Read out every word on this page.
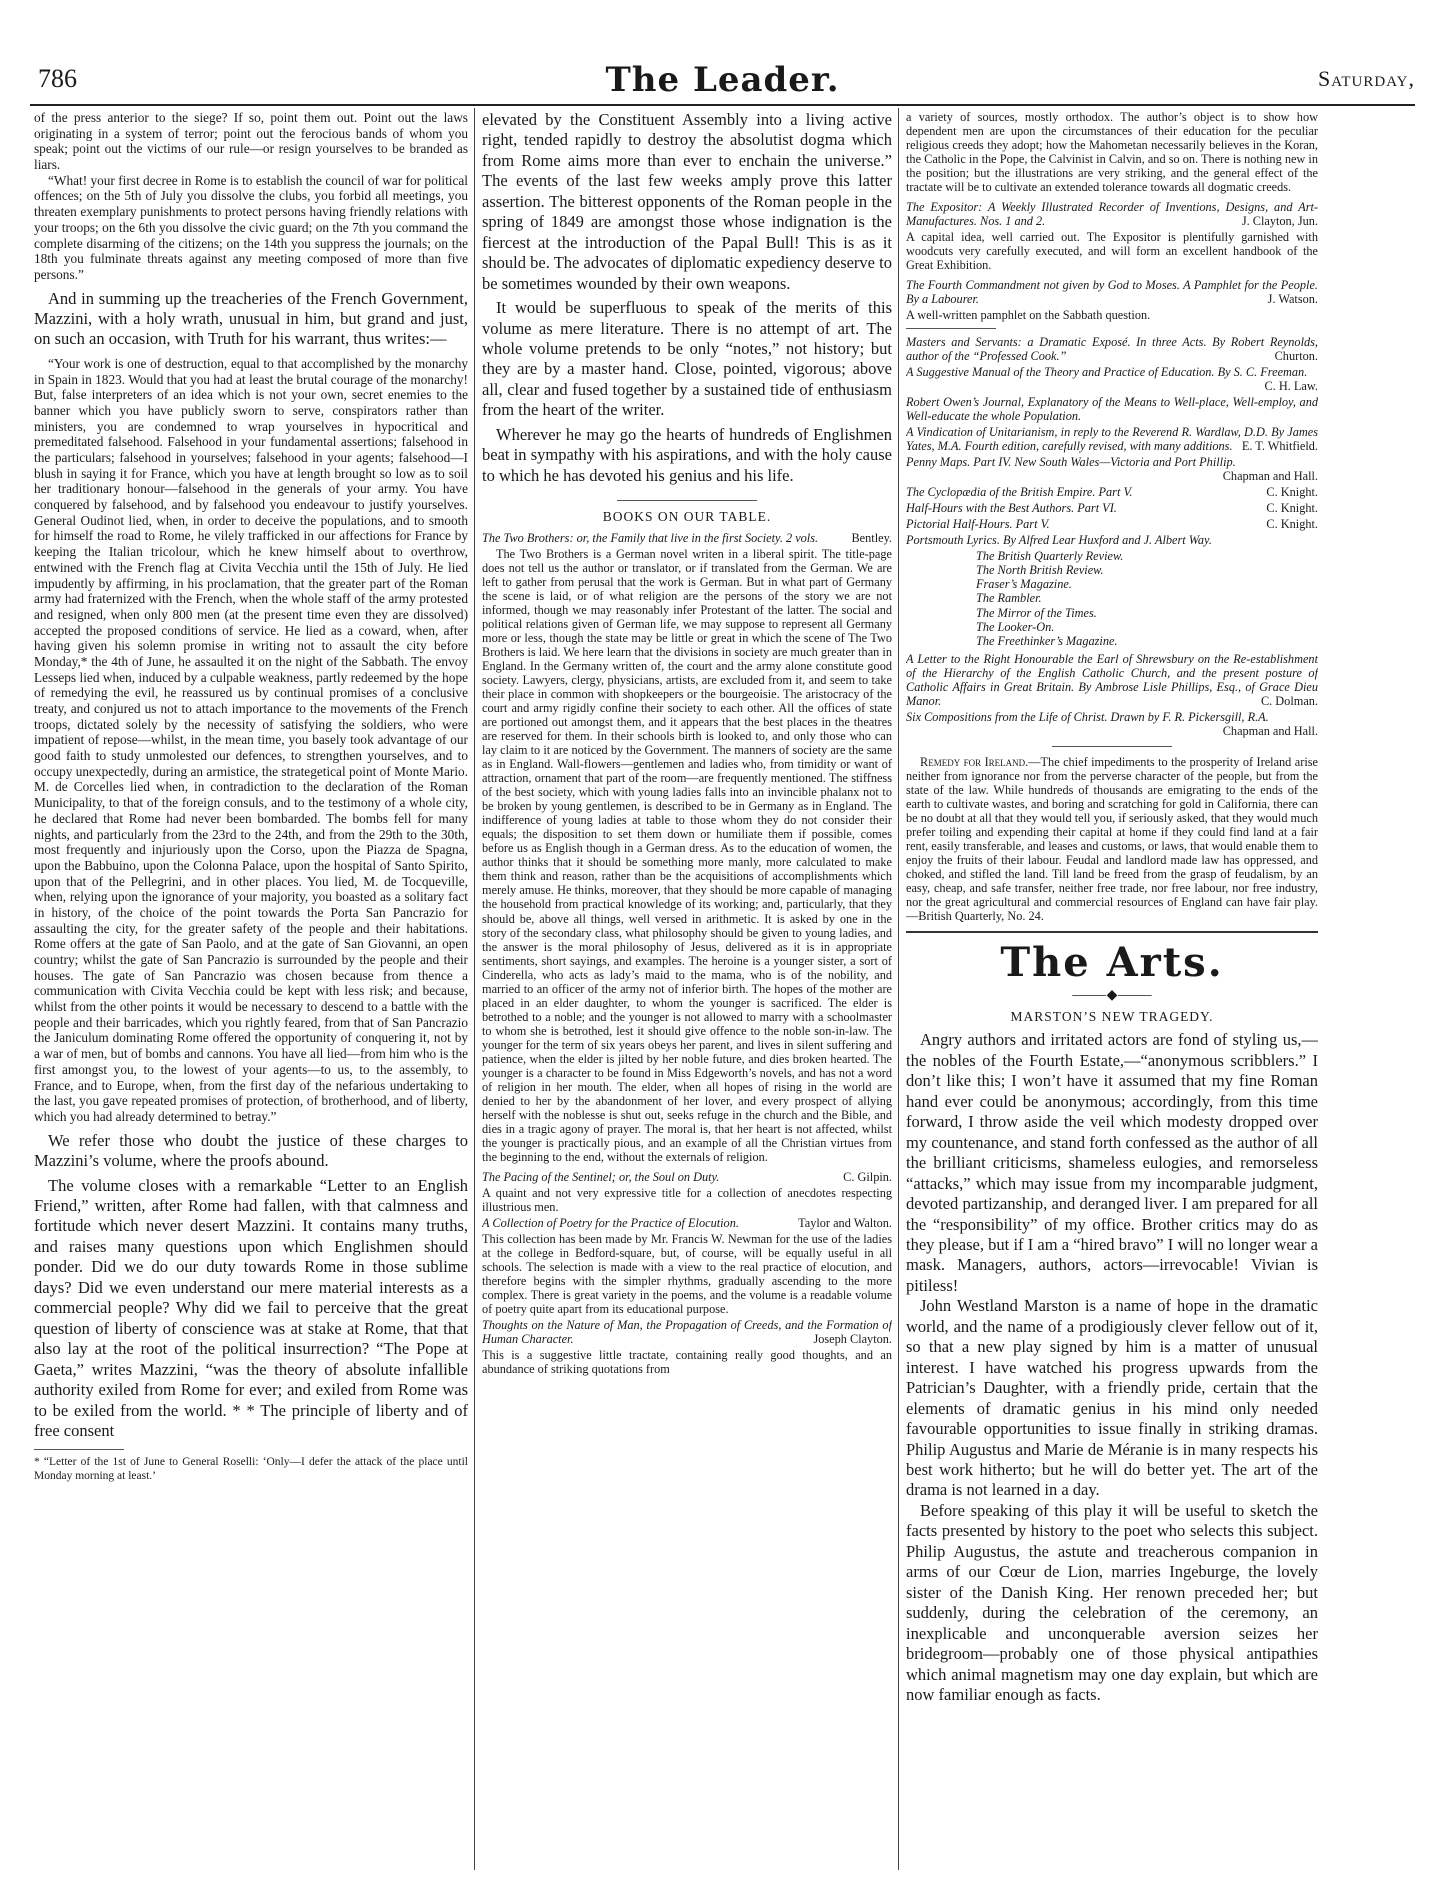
786	The Leader.	Saturday,

of the press anterior to the siege? If so, point them out. Point out the laws originating in a system of terror; point out the ferocious bands of whom you speak; point out the victims of our rule—or resign yourselves to be branded as liars.

“What! your first decree in Rome is to establish the council of war for political offences; on the 5th of July you dissolve the clubs, you forbid all meetings, you threaten exemplary punishments to protect persons having friendly relations with your troops; on the 6th you dissolve the civic guard; on the 7th you command the complete disarming of the citizens; on the 14th you suppress the journals; on the 18th you fulminate threats against any meeting composed of more than five persons.”

And in summing up the treacheries of the French Government, Mazzini, with a holy wrath, unusual in him, but grand and just, on such an occasion, with Truth for his warrant, thus writes:—

“Your work is one of destruction, equal to that accomplished by the monarchy in Spain in 1823. Would that you had at least the brutal courage of the monarchy! But, false interpreters of an idea which is not your own, secret enemies to the banner which you have publicly sworn to serve, conspirators rather than ministers, you are condemned to wrap yourselves in hypocritical and premeditated falsehood. Falsehood in your fundamental assertions; falsehood in the particulars; falsehood in yourselves; falsehood in your agents; falsehood—I blush in saying it for France, which you have at length brought so low as to soil her traditionary honour—falsehood in the generals of your army. You have conquered by falsehood, and by falsehood you endeavour to justify yourselves. General Oudinot lied, when, in order to deceive the populations, and to smooth for himself the road to Rome, he vilely trafficked in our affections for France by keeping the Italian tricolour, which he knew himself about to overthrow, entwined with the French flag at Civita Vecchia until the 15th of July. He lied impudently by affirming, in his proclamation, that the greater part of the Roman army had fraternized with the French, when the whole staff of the army protested and resigned, when only 800 men (at the present time even they are dissolved) accepted the proposed conditions of service. He lied as a coward, when, after having given his solemn promise in writing not to assault the city before Monday,* the 4th of June, he assaulted it on the night of the Sabbath. The envoy Lesseps lied when, induced by a culpable weakness, partly redeemed by the hope of remedying the evil, he reassured us by continual promises of a conclusive treaty, and conjured us not to attach importance to the movements of the French troops, dictated solely by the necessity of satisfying the soldiers, who were impatient of repose—whilst, in the mean time, you basely took advantage of our good faith to study unmolested our defences, to strengthen yourselves, and to occupy unexpectedly, during an armistice, the strategetical point of Monte Mario. M. de Corcelles lied when, in contradiction to the declaration of the Roman Municipality, to that of the foreign consuls, and to the testimony of a whole city, he declared that Rome had never been bombarded. The bombs fell for many nights, and particularly from the 23rd to the 24th, and from the 29th to the 30th, most frequently and injuriously upon the Corso, upon the Piazza de Spagna, upon the Babbuino, upon the Colonna Palace, upon the hospital of Santo Spirito, upon that of the Pellegrini, and in other places. You lied, M. de Tocqueville, when, relying upon the ignorance of your majority, you boasted as a solitary fact in history, of the choice of the point towards the Porta San Pancrazio for assaulting the city, for the greater safety of the people and their habitations. Rome offers at the gate of San Paolo, and at the gate of San Giovanni, an open country; whilst the gate of San Pancrazio is surrounded by the people and their houses. The gate of San Pancrazio was chosen because from thence a communication with Civita Vecchia could be kept with less risk; and because, whilst from the other points it would be necessary to descend to a battle with the people and their barricades, which you rightly feared, from that of San Pancrazio the Janiculum dominating Rome offered the opportunity of conquering it, not by a war of men, but of bombs and cannons. You have all lied—from him who is the first amongst you, to the lowest of your agents—to us, to the assembly, to France, and to Europe, when, from the first day of the nefarious undertaking to the last, you gave repeated promises of protection, of brotherhood, and of liberty, which you had already determined to betray.”

We refer those who doubt the justice of these charges to Mazzini’s volume, where the proofs abound.

The volume closes with a remarkable “Letter to an English Friend,” written, after Rome had fallen, with that calmness and fortitude which never desert Mazzini. It contains many truths, and raises many questions upon which Englishmen should ponder. Did we do our duty towards Rome in those sublime days? Did we even understand our mere material interests as a commercial people? Why did we fail to perceive that the great question of liberty of conscience was at stake at Rome, that that also lay at the root of the political insurrection? “The Pope at Gaeta,” writes Mazzini, “was the theory of absolute infallible authority exiled from Rome for ever; and exiled from Rome was to be exiled from the world. * * The principle of liberty and of free consent

* “Letter of the 1st of June to General Roselli: ‘Only—I defer the attack of the place until Monday morning at least.’

elevated by the Constituent Assembly into a living active right, tended rapidly to destroy the absolutist dogma which from Rome aims more than ever to enchain the universe.” The events of the last few weeks amply prove this latter assertion. The bitterest opponents of the Roman people in the spring of 1849 are amongst those whose indignation is the fiercest at the introduction of the Papal Bull! This is as it should be. The advocates of diplomatic expediency deserve to be sometimes wounded by their own weapons.

It would be superfluous to speak of the merits of this volume as mere literature. There is no attempt of art. The whole volume pretends to be only “notes,” not history; but they are by a master hand. Close, pointed, vigorous; above all, clear and fused together by a sustained tide of enthusiasm from the heart of the writer.

Wherever he may go the hearts of hundreds of Englishmen beat in sympathy with his aspirations, and with the holy cause to which he has devoted his genius and his life.

BOOKS ON OUR TABLE.
The Two Brothers: or, the Family that live in the first Society. 2 vols.	Bentley.

The Two Brothers is a German novel writen in a liberal spirit. The title-page does not tell us the author or translator, or if translated from the German. We are left to gather from perusal that the work is German. But in what part of Germany the scene is laid, or of what religion are the persons of the story we are not informed, though we may reasonably infer Protestant of the latter. The social and political relations given of German life, we may suppose to represent all Germany more or less, though the state may be little or great in which the scene of The Two Brothers is laid. We here learn that the divisions in society are much greater than in England. In the Germany written of, the court and the army alone constitute good society. Lawyers, clergy, physicians, artists, are excluded from it, and seem to take their place in common with shopkeepers or the bourgeoisie. The aristocracy of the court and army rigidly confine their society to each other. All the offices of state are portioned out amongst them, and it appears that the best places in the theatres are reserved for them. In their schools birth is looked to, and only those who can lay claim to it are noticed by the Government. The manners of society are the same as in England. Wall-flowers—gentlemen and ladies who, from timidity or want of attraction, ornament that part of the room—are frequently mentioned. The stiffness of the best society, which with young ladies falls into an invincible phalanx not to be broken by young gentlemen, is described to be in Germany as in England. The indifference of young ladies at table to those whom they do not consider their equals; the disposition to set them down or humiliate them if possible, comes before us as English though in a German dress. As to the education of women, the author thinks that it should be something more manly, more calculated to make them think and reason, rather than be the acquisitions of accomplishments which merely amuse. He thinks, moreover, that they should be more capable of managing the household from practical knowledge of its working; and, particularly, that they should be, above all things, well versed in arithmetic. It is asked by one in the story of the secondary class, what philosophy should be given to young ladies, and the answer is the moral philosophy of Jesus, delivered as it is in appropriate sentiments, short sayings, and examples. The heroine is a younger sister, a sort of Cinderella, who acts as lady’s maid to the mama, who is of the nobility, and married to an officer of the army not of inferior birth. The hopes of the mother are placed in an elder daughter, to whom the younger is sacrificed. The elder is betrothed to a noble; and the younger is not allowed to marry with a schoolmaster to whom she is betrothed, lest it should give offence to the noble son-in-law. The younger for the term of six years obeys her parent, and lives in silent suffering and patience, when the elder is jilted by her noble future, and dies broken hearted. The younger is a character to be found in Miss Edgeworth’s novels, and has not a word of religion in her mouth. The elder, when all hopes of rising in the world are denied to her by the abandonment of her lover, and every prospect of allying herself with the noblesse is shut out, seeks refuge in the church and the Bible, and dies in a tragic agony of prayer. The moral is, that her heart is not affected, whilst the younger is practically pious, and an example of all the Christian virtues from the beginning to the end, without the externals of religion.

The Pacing of the Sentinel; or, the Soul on Duty.	C. Gilpin.

A quaint and not very expressive title for a collection of anecdotes respecting illustrious men.

A Collection of Poetry for the Practice of Elocution.	Taylor and Walton.

This collection has been made by Mr. Francis W. Newman for the use of the ladies at the college in Bedford-square, but, of course, will be equally useful in all schools. The selection is made with a view to the real practice of elocution, and therefore begins with the simpler rhythms, gradually ascending to the more complex. There is great variety in the poems, and the volume is a readable volume of poetry quite apart from its educational purpose.

Thoughts on the Nature of Man, the Propagation of Creeds, and the Formation of Human Character.	Joseph Clayton.

This is a suggestive little tractate, containing really good thoughts, and an abundance of striking quotations from

a variety of sources, mostly orthodox. The author’s object is to show how dependent men are upon the circumstances of their education for the peculiar religious creeds they adopt; how the Mahometan necessarily believes in the Koran, the Catholic in the Pope, the Calvinist in Calvin, and so on. There is nothing new in the position; but the illustrations are very striking, and the general effect of the tractate will be to cultivate an extended tolerance towards all dogmatic creeds.

The Expositor: A Weekly Illustrated Recorder of Inventions, Designs, and Art-Manufactures. Nos. 1 and 2.	J. Clayton, Jun.

A capital idea, well carried out. The Expositor is plentifully garnished with woodcuts very carefully executed, and will form an excellent handbook of the Great Exhibition.

The Fourth Commandment not given by God to Moses. A Pamphlet for the People. By a Labourer.	J. Watson.

A well-written pamphlet on the Sabbath question.

Masters and Servants: a Dramatic Exposé. In three Acts. By Robert Reynolds, author of the “Professed Cook.”	Churton.
A Suggestive Manual of the Theory and Practice of Education. By S. C. Freeman.
C. H. Law.
Robert Owen’s Journal, Explanatory of the Means to Well-place, Well-employ, and Well-educate the whole Population.
A Vindication of Unitarianism, in reply to the Reverend R. Wardlaw, D.D. By James Yates, M.A. Fourth edition, carefully revised, with many additions. E. T. Whitfield.
Penny Maps. Part IV. New South Wales—Victoria and Port Phillip.
Chapman and Hall.
The Cyclopædia of the British Empire. Part V.	C. Knight.
Half-Hours with the Best Authors. Part VI.	C. Knight.
Pictorial Half-Hours. Part V.	C. Knight.
Portsmouth Lyrics. By Alfred Lear Huxford and J. Albert Way.
The British Quarterly Review.
The North British Review.
Fraser’s Magazine.
The Rambler.
The Mirror of the Times.
The Looker-On.
The Freethinker’s Magazine.
A Letter to the Right Honourable the Earl of Shrewsbury on the Re-establishment of the Hierarchy of the English Catholic Church, and the present posture of Catholic Affairs in Great Britain. By Ambrose Lisle Phillips, Esq., of Grace Dieu Manor.	C. Dolman.
Six Compositions from the Life of Christ. Drawn by F. R. Pickersgill, R.A.
Chapman and Hall.

Remedy for Ireland.—The chief impediments to the prosperity of Ireland arise neither from ignorance nor from the perverse character of the people, but from the state of the law. While hundreds of thousands are emigrating to the ends of the earth to cultivate wastes, and boring and scratching for gold in California, there can be no doubt at all that they would tell you, if seriously asked, that they would much prefer toiling and expending their capital at home if they could find land at a fair rent, easily transferable, and leases and customs, or laws, that would enable them to enjoy the fruits of their labour. Feudal and landlord made law has oppressed, and choked, and stifled the land. Till land be freed from the grasp of feudalism, by an easy, cheap, and safe transfer, neither free trade, nor free labour, nor free industry, nor the great agricultural and commercial resources of England can have fair play.—British Quarterly, No. 24.

The Arts.
⸻◆⸻
MARSTON’S NEW TRAGEDY.

Angry authors and irritated actors are fond of styling us,—the nobles of the Fourth Estate,—“anonymous scribblers.” I don’t like this; I won’t have it assumed that my fine Roman hand ever could be anonymous; accordingly, from this time forward, I throw aside the veil which modesty dropped over my countenance, and stand forth confessed as the author of all the brilliant criticisms, shameless eulogies, and remorseless “attacks,” which may issue from my incomparable judgment, devoted partizanship, and deranged liver. I am prepared for all the “responsibility” of my office. Brother critics may do as they please, but if I am a “hired bravo” I will no longer wear a mask. Managers, authors, actors—irrevocable! Vivian is pitiless!

John Westland Marston is a name of hope in the dramatic world, and the name of a prodigiously clever fellow out of it, so that a new play signed by him is a matter of unusual interest. I have watched his progress upwards from the Patrician’s Daughter, with a friendly pride, certain that the elements of dramatic genius in his mind only needed favourable opportunities to issue finally in striking dramas. Philip Augustus and Marie de Méranie is in many respects his best work hitherto; but he will do better yet. The art of the drama is not learned in a day.

Before speaking of this play it will be useful to sketch the facts presented by history to the poet who selects this subject. Philip Augustus, the astute and treacherous companion in arms of our Cœur de Lion, marries Ingeburge, the lovely sister of the Danish King. Her renown preceded her; but suddenly, during the celebration of the ceremony, an inexplicable and unconquerable aversion seizes her bridegroom—probably one of those physical antipathies which animal magnetism may one day explain, but which are now familiar enough as facts.
